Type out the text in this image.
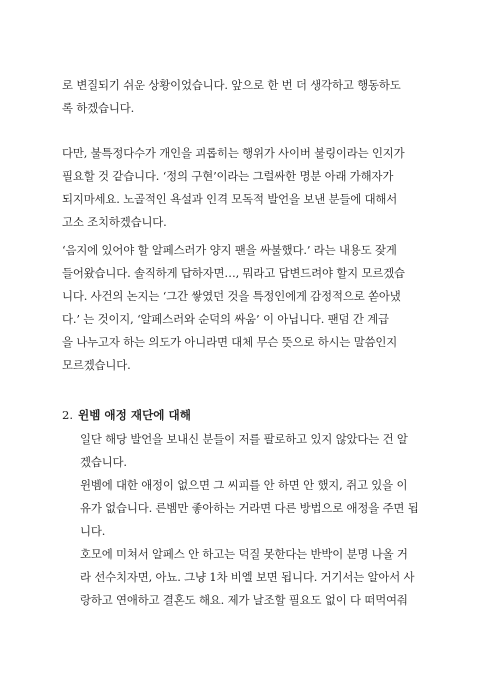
로 변질되기 쉬운 상황이었습니다. 앞으로 한 번 더 생각하고 행동하도
록 하겠습니다.
다만, 불특정다수가 개인을 괴롭히는 행위가 사이버 불링이라는 인지가
필요할 것 같습니다. ‘정의 구현’이라는 그럴싸한 명분 아래 가해자가
되지마세요. 노골적인 욕설과 인격 모독적 발언을 보낸 분들에 대해서
고소 조치하겠습니다.
‘음지에 있어야 할 알페스러가 양지 팬을 싸불했다.’ 라는 내용도 잦게
들어왔습니다. 솔직하게 답하자면…, 뭐라고 답변드려야 할지 모르겠습
니다. 사건의 논지는 ‘그간 쌓였던 것을 특정인에게 감정적으로 쏟아냈
다.’ 는 것이지, ‘알페스러와 순덕의 싸움’ 이 아닙니다. 팬덤 간 계급
을 나누고자 하는 의도가 아니라면 대체 무슨 뜻으로 하시는 말씀인지
모르겠습니다.
2. 윈벰 애정 재단에 대해
일단 해당 발언을 보내신 분들이 저를 팔로하고 있지 않았다는 건 알
겠습니다.
윈벰에 대한 애정이 없으면 그 씨피를 안 하면 안 했지, 쥐고 있을 이
유가 없습니다. 른벰만 좋아하는 거라면 다른 방법으로 애정을 주면 됩
니다.
호모에 미쳐서 알페스 안 하고는 덕질 못한다는 반박이 분명 나올 거
라 선수치자면, 아뇨. 그냥 1차 비엘 보면 됩니다. 거기서는 알아서 사
랑하고 연애하고 결혼도 해요. 제가 날조할 필요도 없이 다 떠먹여줘
